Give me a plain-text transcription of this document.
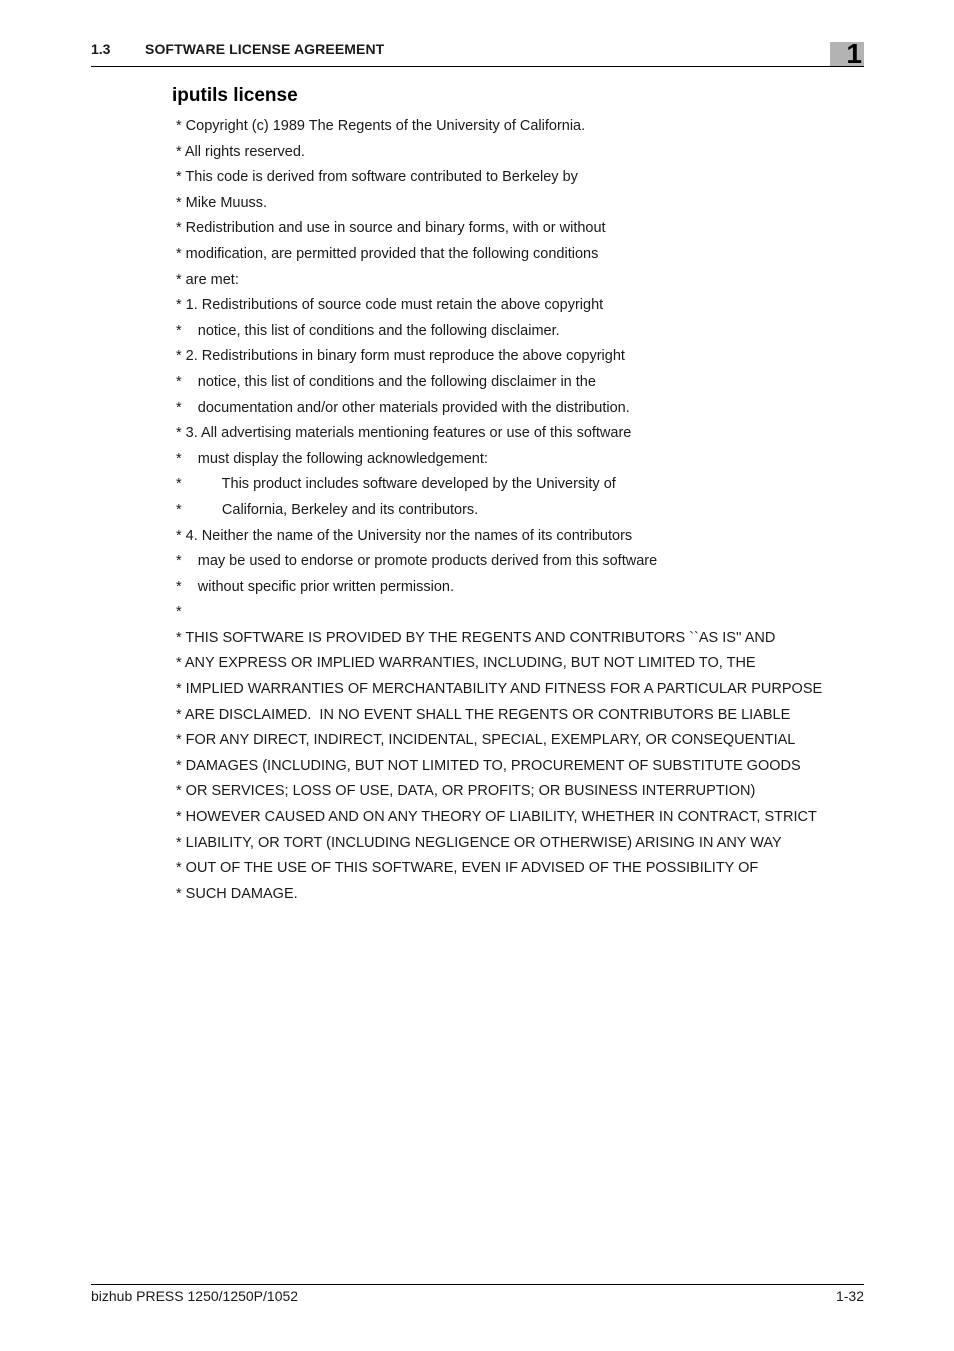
1.3 SOFTWARE LICENSE AGREEMENT	1
iputils license
* Copyright (c) 1989 The Regents of the University of California.
* All rights reserved.
* This code is derived from software contributed to Berkeley by
* Mike Muuss.
* Redistribution and use in source and binary forms, with or without
* modification, are permitted provided that the following conditions
* are met:
* 1. Redistributions of source code must retain the above copyright
*    notice, this list of conditions and the following disclaimer.
* 2. Redistributions in binary form must reproduce the above copyright
*    notice, this list of conditions and the following disclaimer in the
*    documentation and/or other materials provided with the distribution.
* 3. All advertising materials mentioning features or use of this software
*    must display the following acknowledgement:
*          This product includes software developed by the University of
*          California, Berkeley and its contributors.
* 4. Neither the name of the University nor the names of its contributors
*    may be used to endorse or promote products derived from this software
*    without specific prior written permission.
*
* THIS SOFTWARE IS PROVIDED BY THE REGENTS AND CONTRIBUTORS ``AS IS'' AND
* ANY EXPRESS OR IMPLIED WARRANTIES, INCLUDING, BUT NOT LIMITED TO, THE
* IMPLIED WARRANTIES OF MERCHANTABILITY AND FITNESS FOR A PARTICULAR PURPOSE
* ARE DISCLAIMED.  IN NO EVENT SHALL THE REGENTS OR CONTRIBUTORS BE LIABLE
* FOR ANY DIRECT, INDIRECT, INCIDENTAL, SPECIAL, EXEMPLARY, OR CONSEQUENTIAL
* DAMAGES (INCLUDING, BUT NOT LIMITED TO, PROCUREMENT OF SUBSTITUTE GOODS
* OR SERVICES; LOSS OF USE, DATA, OR PROFITS; OR BUSINESS INTERRUPTION)
* HOWEVER CAUSED AND ON ANY THEORY OF LIABILITY, WHETHER IN CONTRACT, STRICT
* LIABILITY, OR TORT (INCLUDING NEGLIGENCE OR OTHERWISE) ARISING IN ANY WAY
* OUT OF THE USE OF THIS SOFTWARE, EVEN IF ADVISED OF THE POSSIBILITY OF
* SUCH DAMAGE.
bizhub PRESS 1250/1250P/1052	1-32
